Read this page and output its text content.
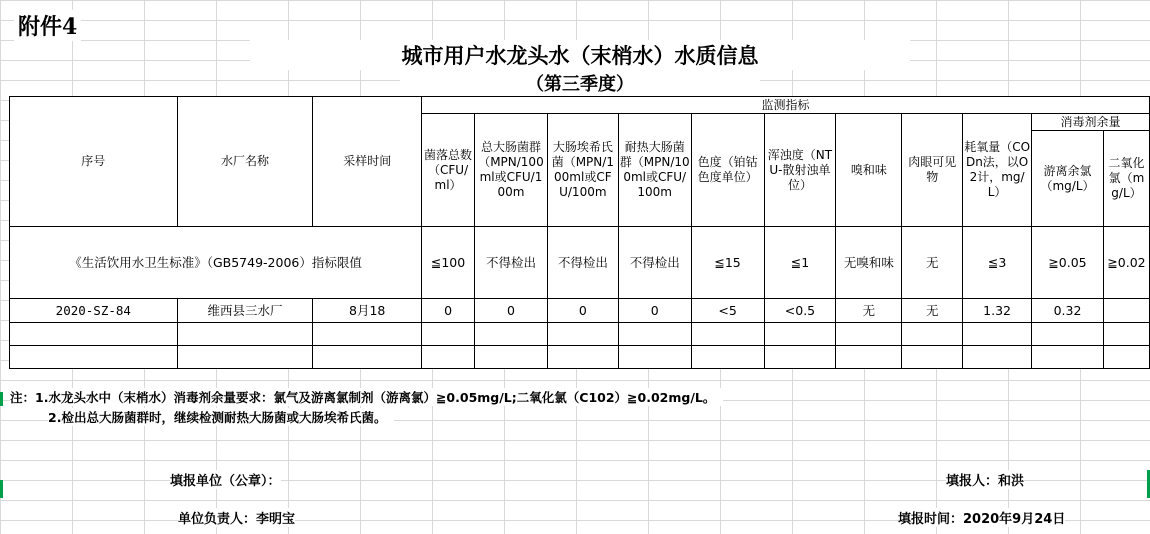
附件4
城市用户水龙头水（末梢水）水质信息
（第三季度）
序号	水厂名称	采样时间	监测指标										
			菌落总数（CFU/ml）	总大肠菌群（MPN/100ml或CFU/100m	大肠埃希氏菌（MPN/100ml或CFU/100m	耐热大肠菌群（MPN/100ml或CFU/100m	色度（铂钴色度单位）	浑浊度（NTU-散射浊单位）	嗅和味	肉眼可见物	耗氧量（CODn法，以O2计，mg/L）	消毒剂余量	
												游离余氯（mg/L）	二氧化氯（mg/L）
《生活饮用水卫生标准》（GB5749-2006）指标限值			≦100	不得检出	不得检出	不得检出	≦15	≦1	无嗅和味	无	≦3	≧0.05	≧0.02
2020-SZ-84	维西县三水厂	8月18	0	0	0	0	<5	<0.5	无	无	1.32	0.32	

注：1.水龙头水中（末梢水）消毒剂余量要求：氯气及游离氯制剂（游离氯）≧0.05mg/L;二氧化氯（C102）≧0.02mg/L。
2.检出总大肠菌群时，继续检测耐热大肠菌或大肠埃希氏菌。
填报单位（公章）：	填报人：和洪
单位负责人：李明宝	填报时间：2020年9月24日
